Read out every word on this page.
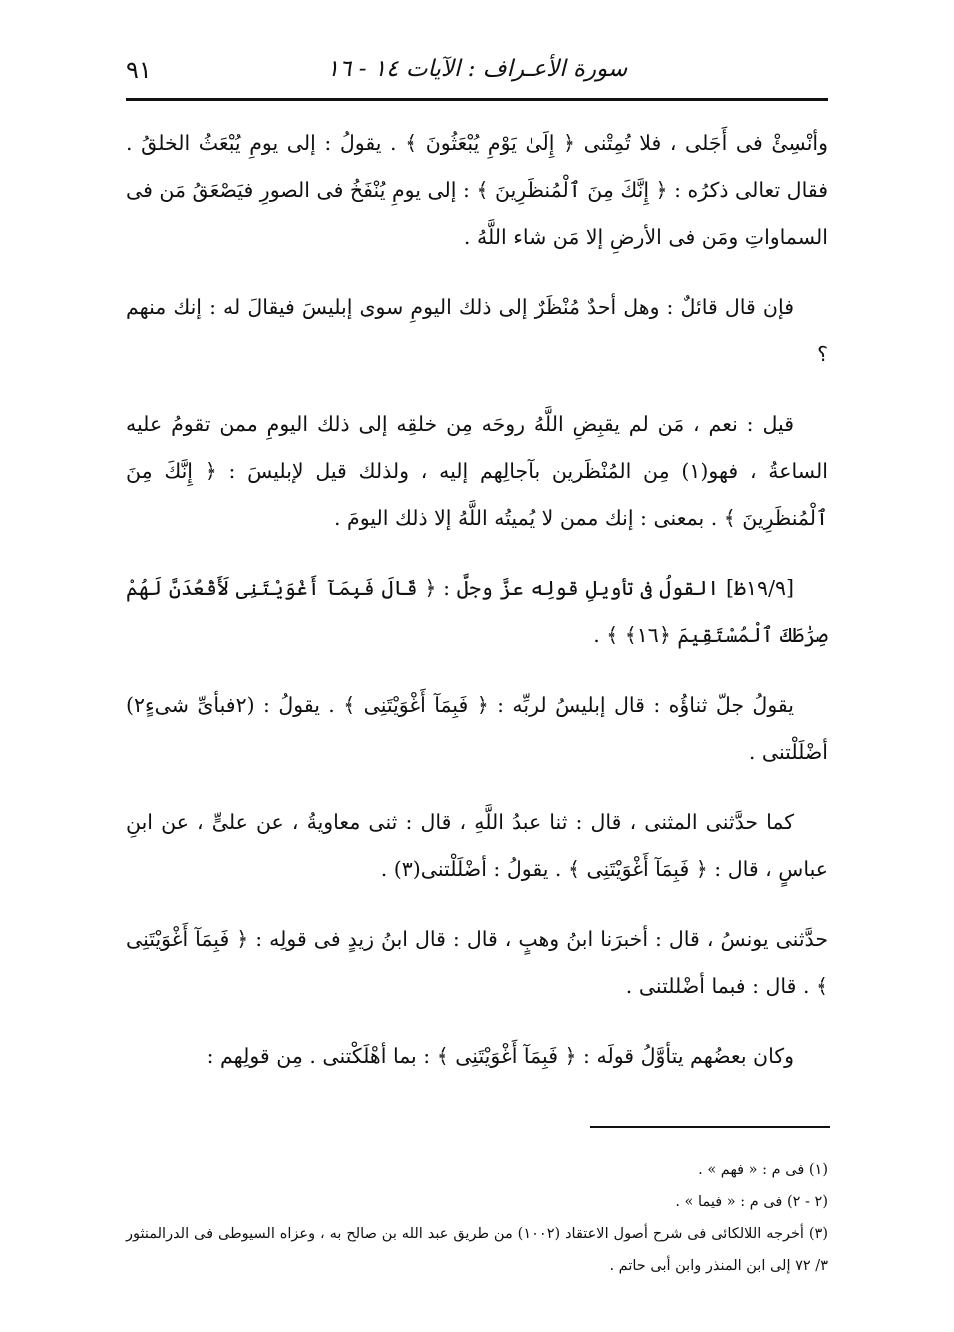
سورة الأعـراف : الآيات ١٤ - ١٦
٩١

وأنْسِئْ فى أَجَلى ، فلا تُمِتْنى ﴿ إِلَىٰ يَوْمِ يُبْعَثُونَ ﴾ . يقولُ : إلى يومِ يُبْعَثُ الخلقُ . فقال تعالى ذكرُه : ﴿ إِنَّكَ مِنَ ٱلْمُنظَرِينَ ﴾ : إلى يومِ يُنْفَخُ فى الصورِ فيَصْعَقُ مَن فى السماواتِ ومَن فى الأرضِ إلا مَن شاء اللَّهُ .

فإن قال قائلٌ : وهل أحدٌ مُنْظَرٌ إلى ذلك اليومِ سوى إبليسَ فيقالَ له : إنك منهم ؟

قيل : نعم ، مَن لم يقبِضِ اللَّهُ روحَه مِن خلقِه إلى ذلك اليومِ ممن تقومُ عليه الساعةُ ، فهو(١) مِن المُنْظَرين بآجالِهم إليه ، ولذلك قيل لإبليسَ : ﴿ إِنَّكَ مِنَ ٱلْمُنظَرِينَ ﴾ . بمعنى : إنك ممن لا يُميتُه اللَّهُ إلا ذلك اليومَ .

[١٩/٩ظ] القولُ فى تأويلِ قولِه عزَّ وجلَّ : ﴿ قَالَ فَبِمَآ أَغْوَيْتَنِى لَأَقْعُدَنَّ لَهُمْ صِرَٰطَكَ ٱلْمُسْتَقِيمَ ﴿١٦﴾ ﴾ .

يقولُ جلّ ثناؤُه : قال إبليسُ لربِّه : ﴿ فَبِمَآ أَغْوَيْتَنِى ﴾ . يقولُ : (٢فبأىِّ شىءٍ٢) أضْلَلْتنى .

كما حدَّثنى المثنى ، قال : ثنا عبدُ اللَّهِ ، قال : ثنى معاويةُ ، عن علىٍّ ، عن ابنِ عباسٍ ، قال : ﴿ فَبِمَآ أَغْوَيْتَنِى ﴾ . يقولُ : أضْلَلْتنى(٣) .

حدَّثنى يونسُ ، قال : أخبرَنا ابنُ وهبٍ ، قال : قال ابنُ زيدٍ فى قولِه : ﴿ فَبِمَآ أَغْوَيْتَنِى ﴾ . قال : فبما أضْللتنى .

وكان بعضُهم يتأوَّلُ قولَه : ﴿ فَبِمَآ أَغْوَيْتَنِى ﴾ : بما أهْلَكْتنى . مِن قولِهم :

(١) فى م : « فهم » .

(٢ - ٢) فى م : « فيما » .

(٣) أخرجه اللالكائى فى شرح أصول الاعتقاد (١٠٠٢) من طريق عبد الله بن صالح به ، وعزاه السيوطى فى الدرالمنثور ٣/ ٧٢ إلى ابن المنذر وابن أبى حاتم .
